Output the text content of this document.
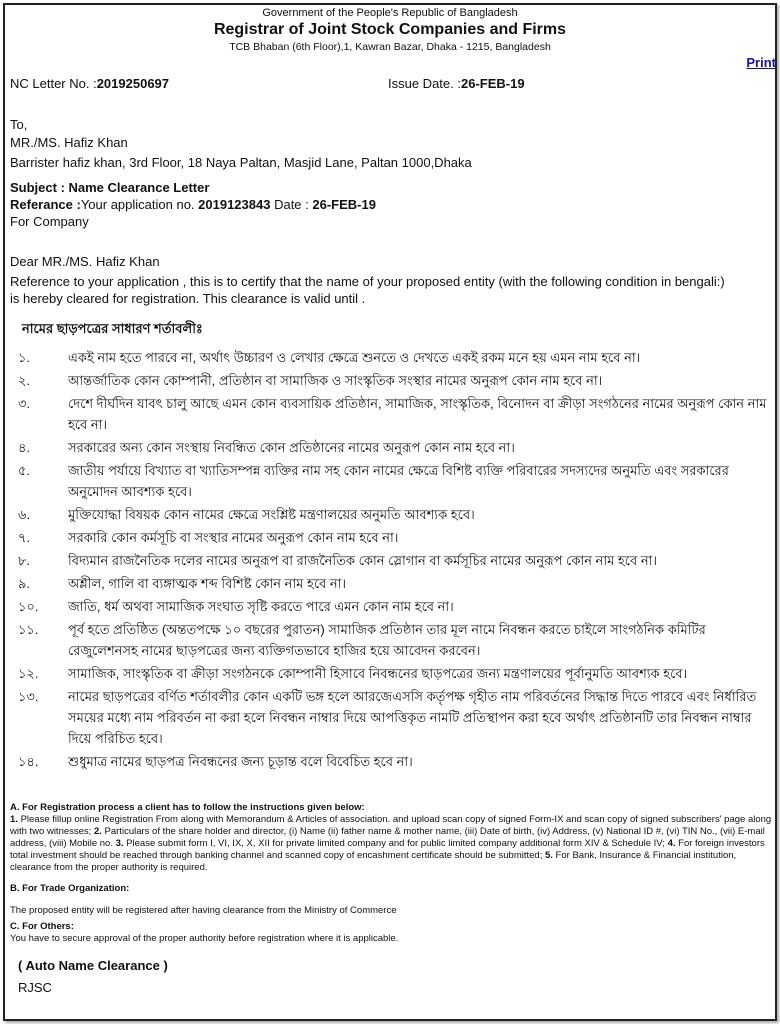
Government of the People's Republic of Bangladesh
Registrar of Joint Stock Companies and Firms
TCB Bhaban (6th Floor),1, Kawran Bazar, Dhaka - 1215, Bangladesh
Print
NC Letter No. :2019250697	Issue Date. :26-FEB-19
To,
MR./MS. Hafiz Khan
Barrister hafiz khan, 3rd Floor, 18 Naya Paltan, Masjid Lane, Paltan 1000,Dhaka
Subject : Name Clearance Letter
Referance :Your application no. 2019123843 Date : 26-FEB-19
For Company
Dear MR./MS. Hafiz Khan
Reference to your application , this is to certify that the name of your proposed entity (with the following condition in bengali:) is hereby cleared for registration. This clearance is valid until .
নামের ছাড়পত্রের সাধারণ শর্তাবলীঃ
১.	একই নাম হতে পারবে না, অর্থাৎ উচ্চারণ ও লেখার ক্ষেত্রে শুনতে ও দেখতে একই রকম মনে হয় এমন নাম হবে না।
২.	আন্তর্জাতিক কোন কোম্পানী, প্রতিষ্ঠান বা সামাজিক ও সাংস্কৃতিক সংস্থার নামের অনুরূপ কোন নাম হবে না।
৩.	দেশে দীর্ঘদিন যাবৎ চালু আছে এমন কোন ব্যবসায়িক প্রতিষ্ঠান, সামাজিক, সাংস্কৃতিক, বিনোদন বা ক্রীড়া সংগঠনের নামের অনুরূপ কোন নাম হবে না।
৪.	সরকারের অন্য কোন সংস্থায় নিবন্ধিত কোন প্রতিষ্ঠানের নামের অনুরূপ কোন নাম হবে না।
৫.	জাতীয় পর্যায়ে বিখ্যাত বা খ্যাতিসম্পন্ন ব্যক্তির নাম সহ কোন নামের ক্ষেত্রে বিশিষ্ট ব্যক্তি পরিবারের সদস্যদের অনুমতি এবং সরকারের অনুমোদন আবশ্যক হবে।
৬.	মুক্তিযোদ্ধা বিষয়ক কোন নামের ক্ষেত্রে সংশ্লিষ্ট মন্ত্রণালয়ের অনুমতি আবশ্যক হবে।
৭.	সরকারি কোন কর্মসূচি বা সংস্থার নামের অনুরূপ কোন নাম হবে না।
৮.	বিদ্যমান রাজনৈতিক দলের নামের অনুরূপ বা রাজনৈতিক কোন স্লোগান বা কর্মসূচির নামের অনুরূপ কোন নাম হবে না।
৯.	অশ্লীল, গালি বা ব্যঙ্গাত্মক শব্দ বিশিষ্ট কোন নাম হবে না।
১০.	জাতি, ধর্ম অথবা সামাজিক সংঘাত সৃষ্টি করতে পারে এমন কোন নাম হবে না।
১১.	পূর্ব হতে প্রতিষ্ঠিত (অন্ততপক্ষে ১০ বছরের পুরাতন) সামাজিক প্রতিষ্ঠান তার মূল নামে নিবন্ধন করতে চাইলে সাংগঠনিক কমিটির রেজুলেশনসহ নামের ছাড়পত্রের জন্য ব্যক্তিগতভাবে হাজির হয়ে আবেদন করবেন।
১২.	সামাজিক, সাংস্কৃতিক বা ক্রীড়া সংগঠনকে কোম্পানী হিসাবে নিবন্ধনের ছাড়পত্রের জন্য মন্ত্রণালয়ের পূর্বানুমতি আবশ্যক হবে।
১৩.	নামের ছাড়পত্রের বর্ণিত শর্তাবলীর কোন একটি ভঙ্গ হলে আরজেএসসি কর্তৃপক্ষ গৃহীত নাম পরিবর্তনের সিদ্ধান্ত দিতে পারবে এবং নির্ধারিত সময়ের মধ্যে নাম পরিবর্তন না করা হলে নিবন্ধন নাম্বার দিয়ে আপত্তিকৃত নামটি প্রতিস্থাপন করা হবে অর্থাৎ প্রতিষ্ঠানটি তার নিবন্ধন নাম্বার দিয়ে পরিচিত হবে।
১৪.	শুধুমাত্র নামের ছাড়পত্র নিবন্ধনের জন্য চূড়ান্ত বলে বিবেচিত হবে না।
A. For Registration process a client has to follow the instructions given below:
1. Please fillup online Registration From along with Memorandum & Articles of association. and upload scan copy of signed Form-IX and scan copy of signed subscribers' page along with two witnesses; 2. Particulars of the share holder and director, (i) Name (ii) father name & mother name, (iii) Date of birth, (iv) Address, (v) National ID #, (vi) TIN No., (vii) E-mail address, (viii) Mobile no. 3. Please submit form I, VI, IX, X, XII for private limited company and for public limited company additional form XIV & Schedule IV; 4. For foreign investors total investment should be reached through banking channel and scanned copy of encashment certificate should be submitted; 5. For Bank, Insurance & Financial institution, clearance from the proper authority is required.
B. For Trade Organization:
The proposed entity will be registered after having clearance from the Ministry of Commerce
C. For Others:
You have to secure approval of the proper authority before registration where it is applicable.
( Auto Name Clearance )
RJSC
